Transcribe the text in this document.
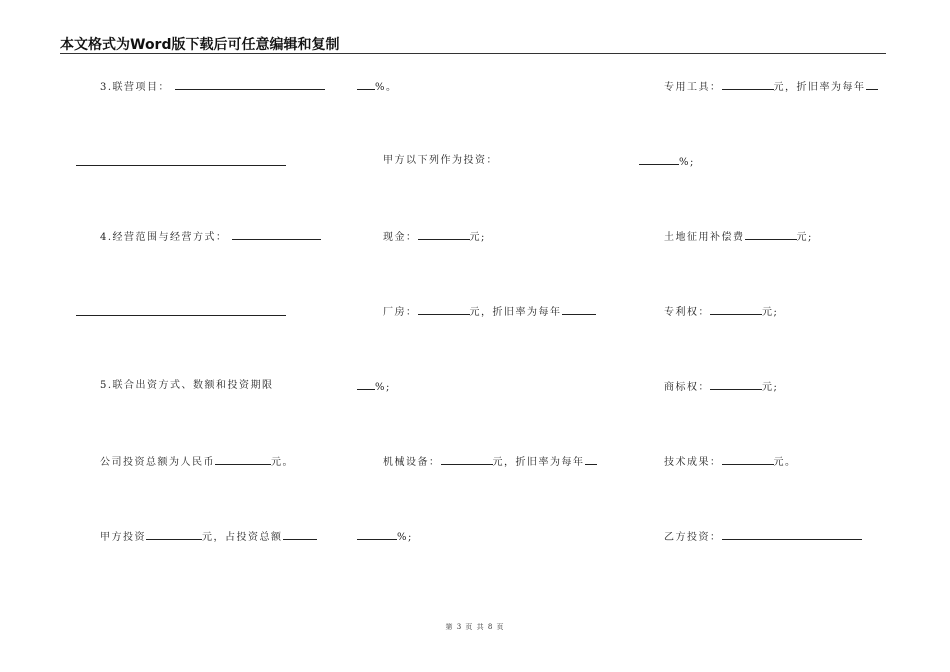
本文格式为Word版下载后可任意编辑和复制
3.联营项目：	%。	专用工具：	元，折旧率为每年
甲方以下列作为投资：	%;
4.经营范围与经营方式：	现金：	元;	土地征用补偿费	元;
厂房：	元，折旧率为每年	专利权：	元;
5.联合出资方式、数额和投资期限	%;	商标权：	元;
公司投资总额为人民币	元。	机械设备：	元，折旧率为每年	技术成果：	元。
甲方投资	元，占投资总额	%;	乙方投资：
第 3 页 共 8 页
